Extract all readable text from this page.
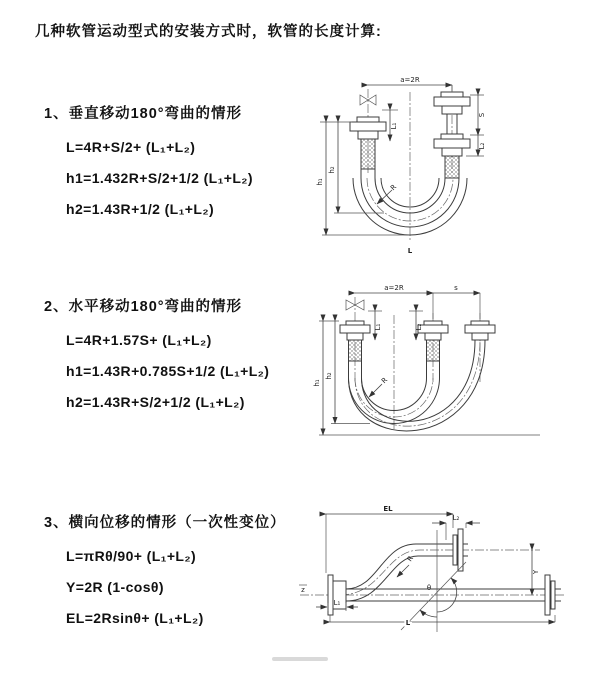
几种软管运动型式的安装方式时，软管的长度计算:
1、垂直移动180°弯曲的情形
L=4R+S/2+ (L₁+L₂)
h1=1.432R+S/2+1/2 (L₁+L₂)
h2=1.43R+1/2 (L₁+L₂)
a=2R
h₁
h₂
L₁
S
L₂
R
L
2、水平移动180°弯曲的情形
L=4R+1.57S+ (L₁+L₂)
h1=1.43R+0.785S+1/2 (L₁+L₂)
h2=1.43R+S/2+1/2 (L₁+L₂)
a=2R	s
h₁
h₂
L₁	L₂
R
3、横向位移的情形（一次性变位）
L=πRθ/90+ (L₁+L₂)
Y=2R (1-cosθ)
EL=2Rsinθ+ (L₁+L₂)
z	θ
EL
L₂
Y
R
L₁
L
